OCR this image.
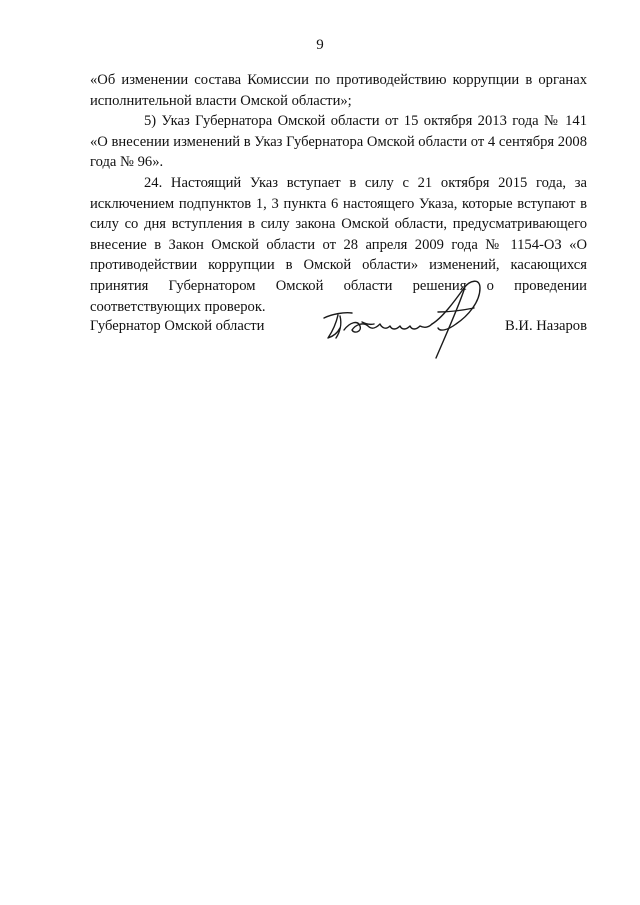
9

«Об изменении состава Комиссии по противодействию коррупции в органах исполнительной власти Омской области»;

5) Указ Губернатора Омской области от 15 октября 2013 года № 141 «О внесении изменений в Указ Губернатора Омской области от 4 сентября 2008 года № 96».

24. Настоящий Указ вступает в силу с 21 октября 2015 года, за исключением подпунктов 1, 3 пункта 6 настоящего Указа, которые вступают в силу со дня вступления в силу закона Омской области, предусматривающего внесение в Закон Омской области от 28 апреля 2009 года № 1154-ОЗ «О противодействии коррупции в Омской области» изменений, касающихся принятия Губернатором Омской области решения о проведении соответствующих проверок.

Губернатор Омской области	В.И. Назаров
